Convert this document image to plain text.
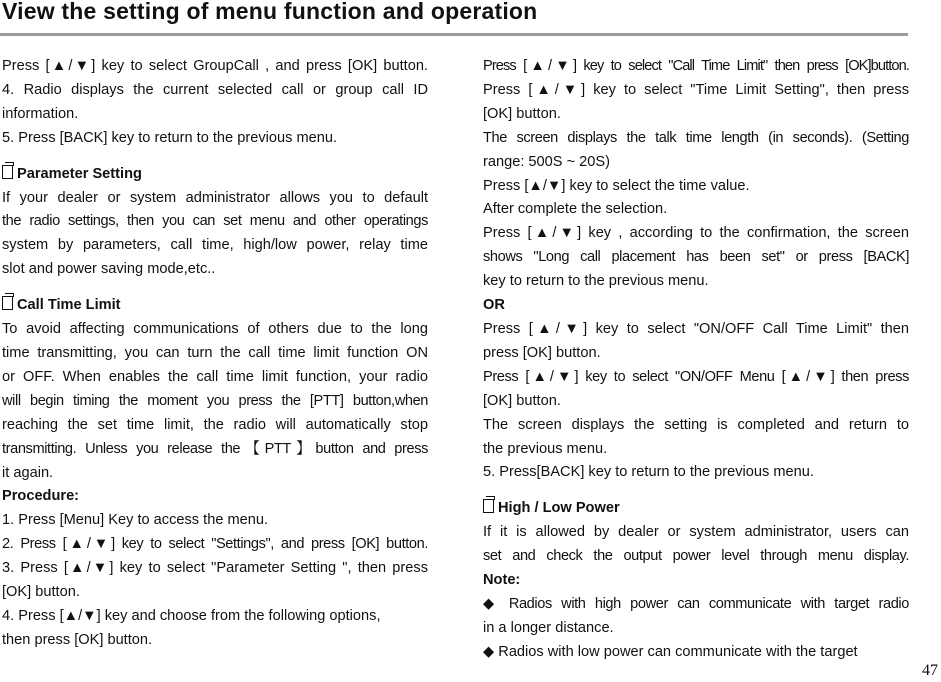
View the setting of menu function and operation

Press [▲/▼] key to select GroupCall , and press [OK] button.

4. Radio displays the current selected call or group call ID

information.

5. Press [BACK] key to return to the previous menu.

Parameter Setting

If your dealer or system administrator allows you to default

the radio settings, then you can set menu and other operatings

system by parameters, call time, high/low power, relay time

slot and power saving mode,etc..

Call Time Limit

To avoid affecting communications of others due to the long

time transmitting, you can turn the call time limit function ON

or OFF. When enables the call time limit function, your radio

will begin timing the moment you press the [PTT] button,when

reaching the set time limit, the radio will automatically stop

transmitting. Unless you release the【PTT】button and press

it again.

Procedure:

1. Press [Menu] Key to access the menu.

2. Press [▲/▼] key to select "Settings", and press [OK] button.

3. Press [▲/▼] key to select "Parameter Setting ", then press

[OK] button.

4. Press [▲/▼] key and choose from the following options,

then press [OK] button.

Press [▲/▼] key to select "Call Time Limit" then press [OK]button.

Press [▲/▼] key to select "Time Limit Setting", then press

[OK] button.

The screen displays the talk time length (in seconds). (Setting

range: 500S ~ 20S)

Press [▲/▼] key to select the time value.

After complete the selection.

Press [▲/▼] key , according to the confirmation, the screen

shows "Long call placement has been set" or press [BACK]

key to return to the previous menu.

OR

Press [▲/▼] key to select "ON/OFF Call Time Limit" then

press [OK] button.

Press [▲/▼] key to select "ON/OFF Menu [▲/▼] then press

[OK] button.

The screen displays the setting is completed and return to

the previous menu.

5. Press[BACK] key to return to the previous menu.

High / Low Power

If it is allowed by dealer or system administrator, users can

set and check the output power level through menu display.

Note:

◆ Radios with high power can communicate with target radio

in a longer distance.

◆ Radios with low power can communicate with the target

47
